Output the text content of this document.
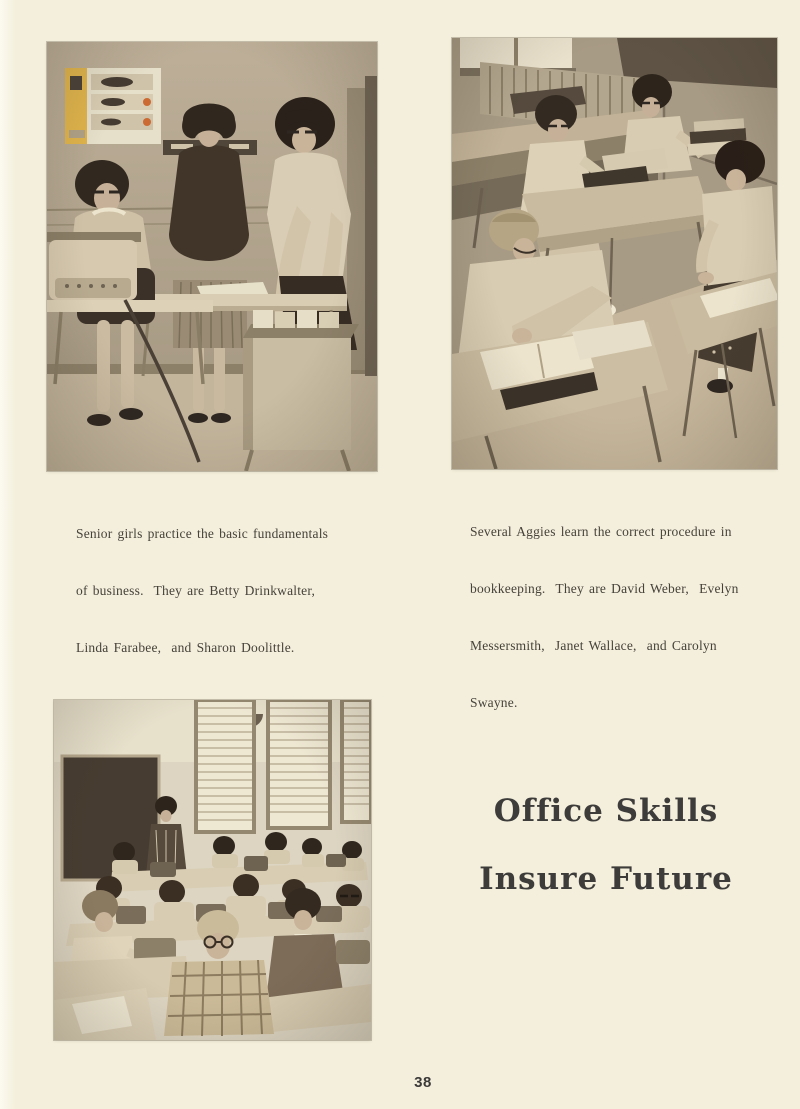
Senior girls practice the basic fundamentals

of business.  They are Betty Drinkwalter,

Linda Farabee,  and Sharon Doolittle.

Several Aggies learn the correct procedure in

bookkeeping.  They are David Weber,  Evelyn

Messersmith,  Janet Wallace,  and Carolyn

Swayne.

Office Skills
Insure Future
38
